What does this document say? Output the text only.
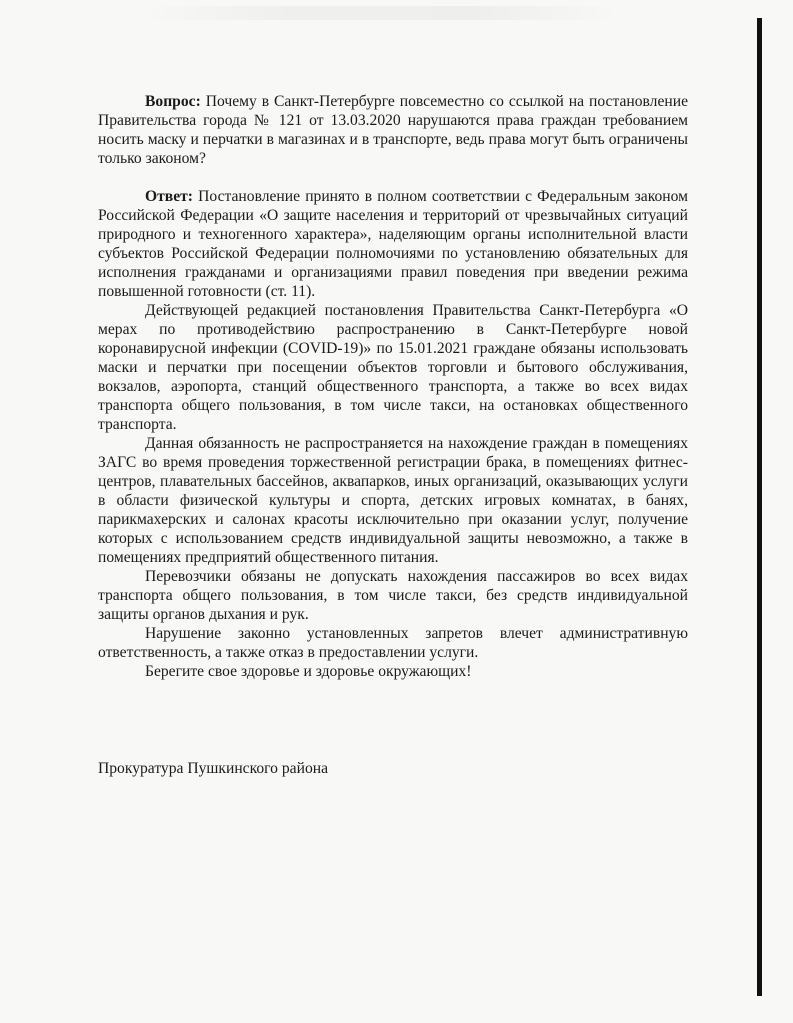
Вопрос: Почему в Санкт-Петербурге повсеместно со ссылкой на постановление Правительства города № 121 от 13.03.2020 нарушаются права граждан требованием носить маску и перчатки в магазинах и в транспорте, ведь права могут быть ограничены только законом?

Ответ: Постановление принято в полном соответствии с Федеральным законом Российской Федерации «О защите населения и территорий от чрезвычайных ситуаций природного и техногенного характера», наделяющим органы исполнительной власти субъектов Российской Федерации полномочиями по установлению обязательных для исполнения гражданами и организациями правил поведения при введении режима повышенной готовности (ст. 11).

Действующей редакцией постановления Правительства Санкт-Петербурга «О мерах по противодействию распространению в Санкт-Петербурге новой коронавирусной инфекции (COVID-19)» по 15.01.2021 граждане обязаны использовать маски и перчатки при посещении объектов торговли и бытового обслуживания, вокзалов, аэропорта, станций общественного транспорта, а также во всех видах транспорта общего пользования, в том числе такси, на остановках общественного транспорта.

Данная обязанность не распространяется на нахождение граждан в помещениях ЗАГС во время проведения торжественной регистрации брака, в помещениях фитнес-центров, плавательных бассейнов, аквапарков, иных организаций, оказывающих услуги в области физической культуры и спорта, детских игровых комнатах, в банях, парикмахерских и салонах красоты исключительно при оказании услуг, получение которых с использованием средств индивидуальной защиты невозможно, а также в помещениях предприятий общественного питания.

Перевозчики обязаны не допускать нахождения пассажиров во всех видах транспорта общего пользования, в том числе такси, без средств индивидуальной защиты органов дыхания и рук.

Нарушение законно установленных запретов влечет административную ответственность, а также отказ в предоставлении услуги.

Берегите свое здоровье и здоровье окружающих!

Прокуратура Пушкинского района
